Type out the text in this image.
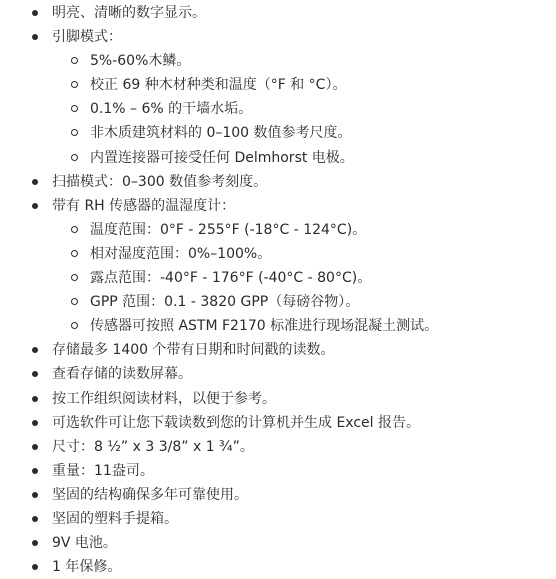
明亮、清晰的数字显示。
引脚模式：
5%-60%木鳞。
校正 69 种木材种类和温度（°F 和 °C）。
0.1% – 6% 的干墙水垢。
非木质建筑材料的 0–100 数值参考尺度。
内置连接器可接受任何 Delmhorst 电极。
扫描模式：0–300 数值参考刻度。
带有 RH 传感器的温湿度计：
温度范围：0°F - 255°F (-18°C - 124°C)。
相对湿度范围：0%–100%。
露点范围：-40°F - 176°F (-40°C - 80°C)。
GPP 范围：0.1 - 3820 GPP（每磅谷物）。
传感器可按照 ASTM F2170 标准进行现场混凝土测试。
存储最多 1400 个带有日期和时间戳的读数。
查看存储的读数屏幕。
按工作组织阅读材料，以便于参考。
可选软件可让您下载读数到您的计算机并生成 Excel 报告。
尺寸：8 ½” x 3 3/8” x 1 ¾”。
重量：11盎司。
坚固的结构确保多年可靠使用。
坚固的塑料手提箱。
9V 电池。
1 年保修。
